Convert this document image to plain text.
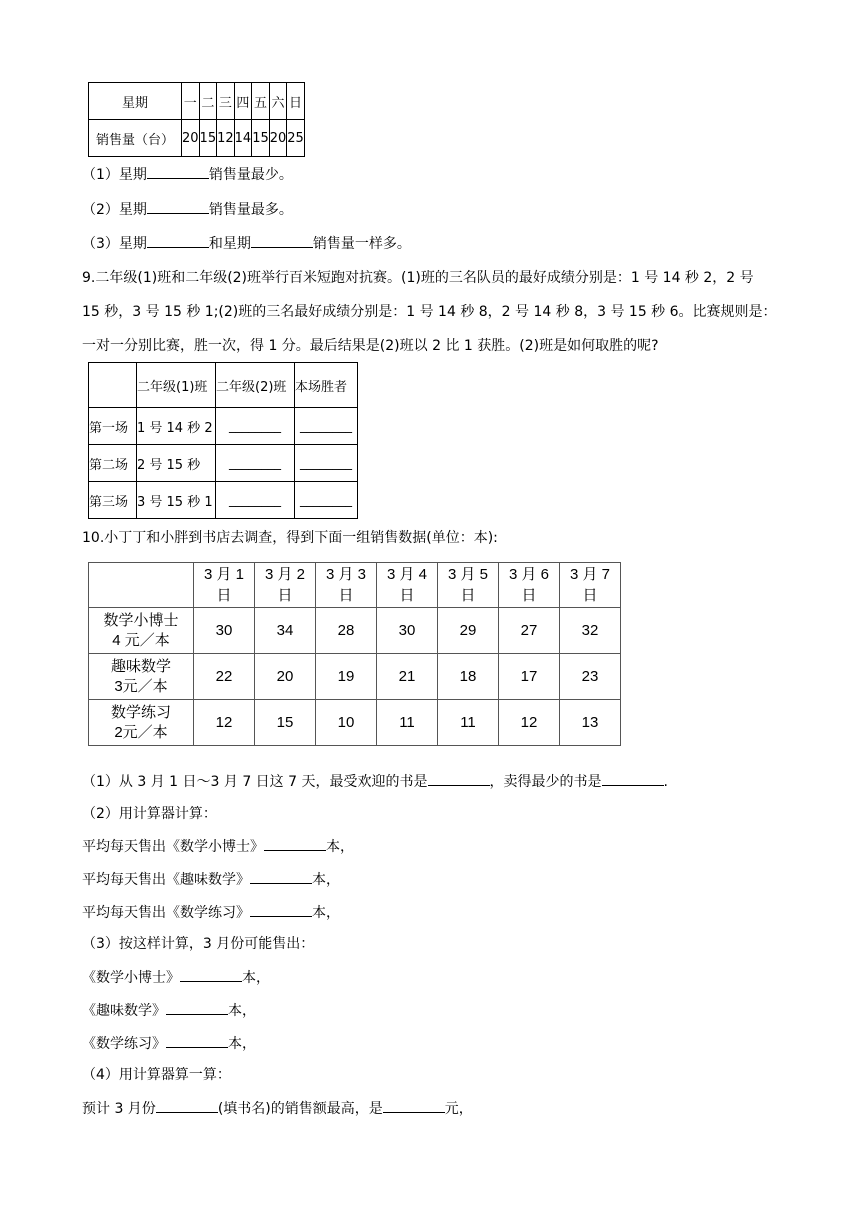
星期	一	二	三	四	五	六	日
销售量（台）	20	15	12	14	15	20	25
（1）星期	销售量最少。
（2）星期	销售量最多。
（3）星期	和星期	销售量一样多。
9.二年级(1)班和二年级(2)班举行百米短跑对抗赛。(1)班的三名队员的最好成绩分别是：1 号 14 秒 2，2 号
15 秒，3 号 15 秒 1;(2)班的三名最好成绩分别是：1 号 14 秒 8，2 号 14 秒 8，3 号 15 秒 6。比赛规则是：
一对一分别比赛，胜一次，得 1 分。最后结果是(2)班以 2 比 1 获胜。(2)班是如何取胜的呢?
	二年级(1)班	二年级(2)班	本场胜者
第一场	1 号 14 秒 2	________	________
第二场	2 号 15 秒	________	________
第三场	3 号 15 秒 1	________	________
10.小丁丁和小胖到书店去调查，得到下面一组销售数据(单位：本):
	3 月 1
日	3 月 2
日	3 月 3
日	3 月 4
日	3 月 5
日	3 月 6
日	3 月 7
日
数学小博士
4 元／本	30	34	28	30	29	27	32
趣味数学
3元／本	22	20	19	21	18	17	23
数学练习
2元／本	12	15	10	11	11	12	13
（1）从 3 月 1 日～3 月 7 日这 7 天，最受欢迎的书是	，卖得最少的书是	.
（2）用计算器计算：
平均每天售出《数学小博士》	本，
平均每天售出《趣味数学》	本，
平均每天售出《数学练习》	本，
（3）按这样计算，3 月份可能售出：
《数学小博士》	本，
《趣味数学》	本，
《数学练习》	本，
（4）用计算器算一算：
预计 3 月份	(填书名)的销售额最高，是	元，
